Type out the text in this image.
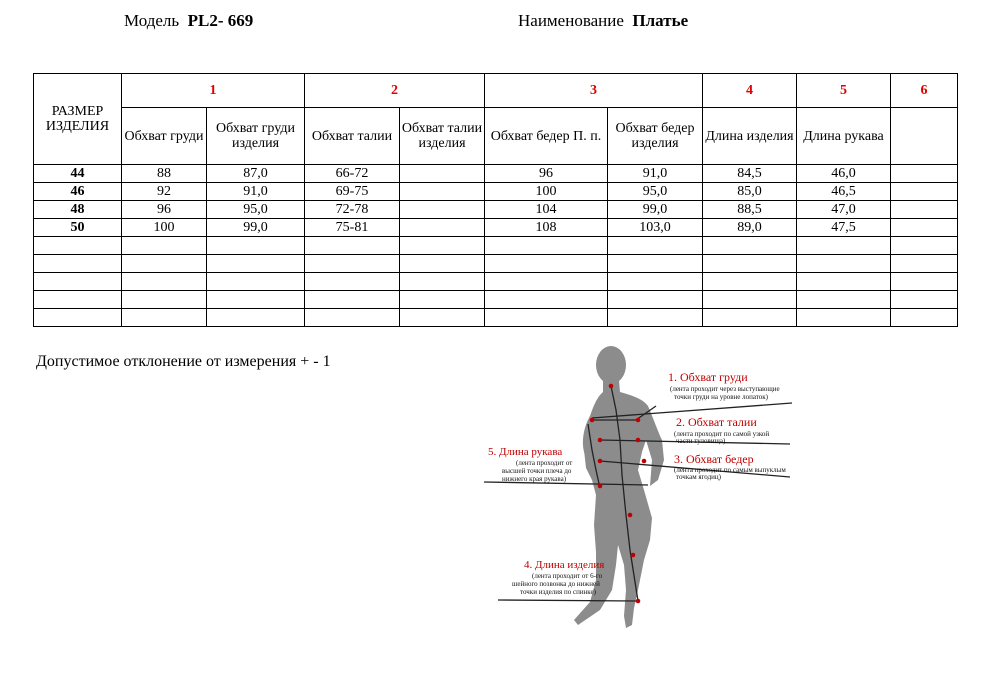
Модель PL2- 669	Наименование Платье
РАЗМЕР ИЗДЕЛИЯ	1		2		3		4	5	6
	Обхват груди	Обхват груди изделия	Обхват талии	Обхват талии изделия	Обхват бедер П. п.	Обхват бедер изделия	Длина изделия	Длина рукава	
44	88	87,0	66-72		96	91,0	84,5	46,0	
46	92	91,0	69-75		100	95,0	85,0	46,5	
48	96	95,0	72-78		104	99,0	88,5	47,0	
50	100	99,0	75-81		108	103,0	89,0	47,5	

Допустимое отклонение от измерения + - 1
1. Обхват груди
(лента проходит через выступающие
точки груди на уровне лопаток)
2. Обхват талии
(лента проходит по самой узкой
части туловища)
3. Обхват бедер
(лента проходит по самым выпуклым
точкам ягодиц)
5. Длина рукава
(лента проходит от
высшей точки плеча до
нижнего края рукава)
4. Длина изделия
(лента проходит от 6-го
шейного позвонка до нижней
точки изделия по спинке)
